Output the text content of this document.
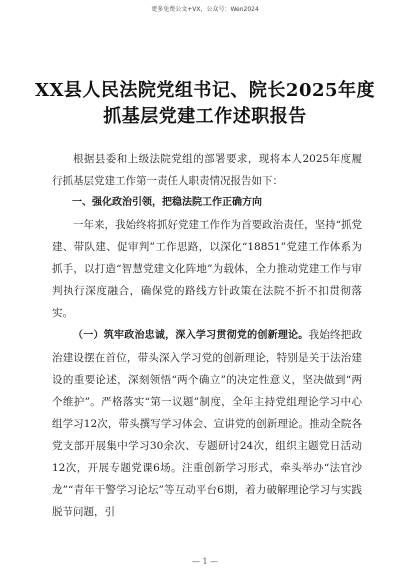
更多免费公文+VX，公众号：Wen2024
XX县人民法院党组书记、院长2025年度
抓基层党建工作述职报告

根据县委和上级法院党组的部署要求，现将本人2025年度履行抓基层党建工作第一责任人职责情况报告如下：

一、强化政治引领，把稳法院工作正确方向

一年来，我始终将抓好党建工作作为首要政治责任，坚持“抓党建、带队建、促审判”工作思路，以深化“18851”党建工作体系为抓手，以打造“智慧党建文化阵地”为载体，全力推动党建工作与审判执行深度融合，确保党的路线方针政策在法院不折不扣贯彻落实。

（一）筑牢政治忠诚，深入学习贯彻党的创新理论。我始终把政治建设摆在首位，带头深入学习党的创新理论，特别是关于法治建设的重要论述，深刻领悟“两个确立”的决定性意义，坚决做到“两个维护”。严格落实“第一议题”制度，全年主持党组理论学习中心组学习12次，带头撰写学习体会、宣讲党的创新理论。推动全院各党支部开展集中学习30余次、专题研讨24次，组织主题党日活动12次，开展专题党课6场。注重创新学习形式，牵头举办“法官沙龙”“青年干警学习论坛”等互动平台6期，着力破解理论学习与实践脱节问题，引

— 1 —
